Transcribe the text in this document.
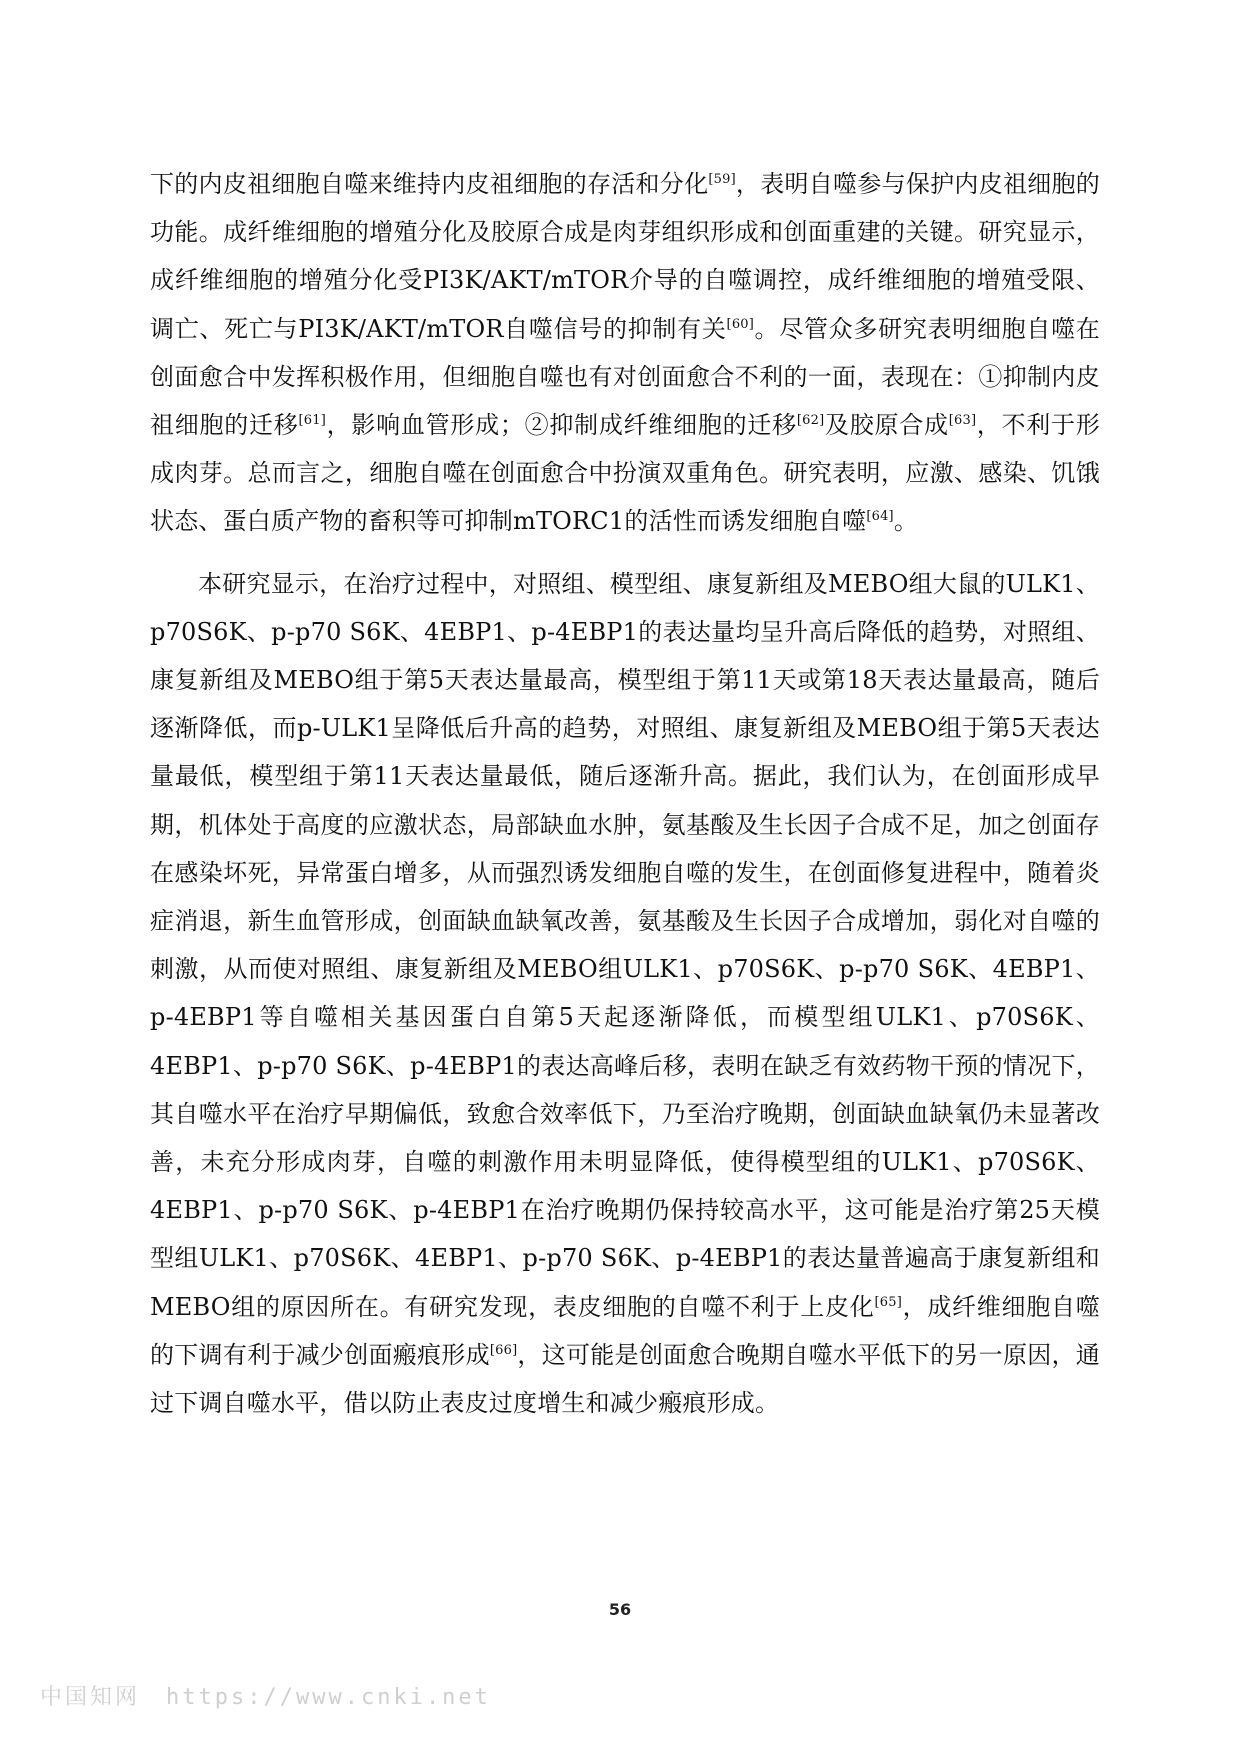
下的内皮祖细胞自噬来维持内皮祖细胞的存活和分化[59]，表明自噬参与保护内皮祖细胞的功能。成纤维细胞的增殖分化及胶原合成是肉芽组织形成和创面重建的关键。研究显示，成纤维细胞的增殖分化受PI3K/AKT/mTOR介导的自噬调控，成纤维细胞的增殖受限、调亡、死亡与PI3K/AKT/mTOR自噬信号的抑制有关[60]。尽管众多研究表明细胞自噬在创面愈合中发挥积极作用，但细胞自噬也有对创面愈合不利的一面，表现在：①抑制内皮祖细胞的迁移[61]，影响血管形成；②抑制成纤维细胞的迁移[62]及胶原合成[63]，不利于形成肉芽。总而言之，细胞自噬在创面愈合中扮演双重角色。研究表明，应激、感染、饥饿状态、蛋白质产物的畜积等可抑制mTORC1的活性而诱发细胞自噬[64]。

本研究显示，在治疗过程中，对照组、模型组、康复新组及MEBO组大鼠的ULK1、p70S6K、p-p70 S6K、4EBP1、p-4EBP1的表达量均呈升高后降低的趋势，对照组、康复新组及MEBO组于第5天表达量最高，模型组于第11天或第18天表达量最高，随后逐渐降低，而p-ULK1呈降低后升高的趋势，对照组、康复新组及MEBO组于第5天表达量最低，模型组于第11天表达量最低，随后逐渐升高。据此，我们认为，在创面形成早期，机体处于高度的应激状态，局部缺血水肿，氨基酸及生长因子合成不足，加之创面存在感染坏死，异常蛋白增多，从而强烈诱发细胞自噬的发生，在创面修复进程中，随着炎症消退，新生血管形成，创面缺血缺氧改善，氨基酸及生长因子合成增加，弱化对自噬的刺激，从而使对照组、康复新组及MEBO组ULK1、p70S6K、p-p70 S6K、4EBP1、p-4EBP1等自噬相关基因蛋白自第5天起逐渐降低，而模型组ULK1、p70S6K、4EBP1、p-p70 S6K、p-4EBP1的表达高峰后移，表明在缺乏有效药物干预的情况下，其自噬水平在治疗早期偏低，致愈合效率低下，乃至治疗晚期，创面缺血缺氧仍未显著改善，未充分形成肉芽，自噬的刺激作用未明显降低，使得模型组的ULK1、p70S6K、4EBP1、p-p70 S6K、p-4EBP1在治疗晚期仍保持较高水平，这可能是治疗第25天模型组ULK1、p70S6K、4EBP1、p-p70 S6K、p-4EBP1的表达量普遍高于康复新组和MEBO组的原因所在。有研究发现，表皮细胞的自噬不利于上皮化[65]，成纤维细胞自噬的下调有利于减少创面瘢痕形成[66]，这可能是创面愈合晚期自噬水平低下的另一原因，通过下调自噬水平，借以防止表皮过度增生和减少瘢痕形成。

56
中国知网 https://www.cnki.net
